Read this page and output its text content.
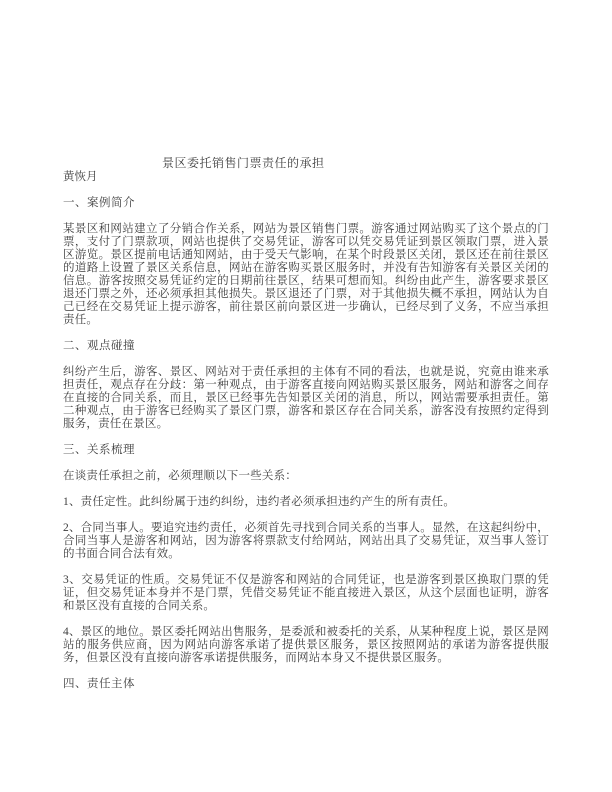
景区委托销售门票责任的承担
黄恢月
一、案例简介
某景区和网站建立了分销合作关系，网站为景区销售门票。游客通过网站购买了这个景点的门票，支付了门票款项，网站也提供了交易凭证，游客可以凭交易凭证到景区领取门票，进入景区游览。景区提前电话通知网站，由于受天气影响，在某个时段景区关闭，景区还在前往景区的道路上设置了景区关系信息，网站在游客购买景区服务时，并没有告知游客有关景区关闭的信息。游客按照交易凭证约定的日期前往景区，结果可想而知。纠纷由此产生，游客要求景区退还门票之外，还必须承担其他损失。景区退还了门票，对于其他损失概不承担，网站认为自己已经在交易凭证上提示游客，前往景区前向景区进一步确认，已经尽到了义务，不应当承担责任。
二、观点碰撞
纠纷产生后，游客、景区、网站对于责任承担的主体有不同的看法，也就是说，究竟由谁来承担责任，观点存在分歧：第一种观点，由于游客直接向网站购买景区服务，网站和游客之间存在直接的合同关系，而且，景区已经事先告知景区关闭的消息，所以，网站需要承担责任。第二种观点，由于游客已经购买了景区门票，游客和景区存在合同关系，游客没有按照约定得到服务，责任在景区。
三、关系梳理
在谈责任承担之前，必须理顺以下一些关系：
1、责任定性。此纠纷属于违约纠纷，违约者必须承担违约产生的所有责任。
2、合同当事人。要追究违约责任，必须首先寻找到合同关系的当事人。显然，在这起纠纷中，合同当事人是游客和网站，因为游客将票款支付给网站，网站出具了交易凭证，双当事人签订的书面合同合法有效。
3、交易凭证的性质。交易凭证不仅是游客和网站的合同凭证，也是游客到景区换取门票的凭证，但交易凭证本身并不是门票，凭借交易凭证不能直接进入景区，从这个层面也证明，游客和景区没有直接的合同关系。
4、景区的地位。景区委托网站出售服务，是委派和被委托的关系，从某种程度上说，景区是网站的服务供应商，因为网站向游客承诺了提供景区服务，景区按照网站的承诺为游客提供服务，但景区没有直接向游客承诺提供服务，而网站本身又不提供景区服务。
四、责任主体
